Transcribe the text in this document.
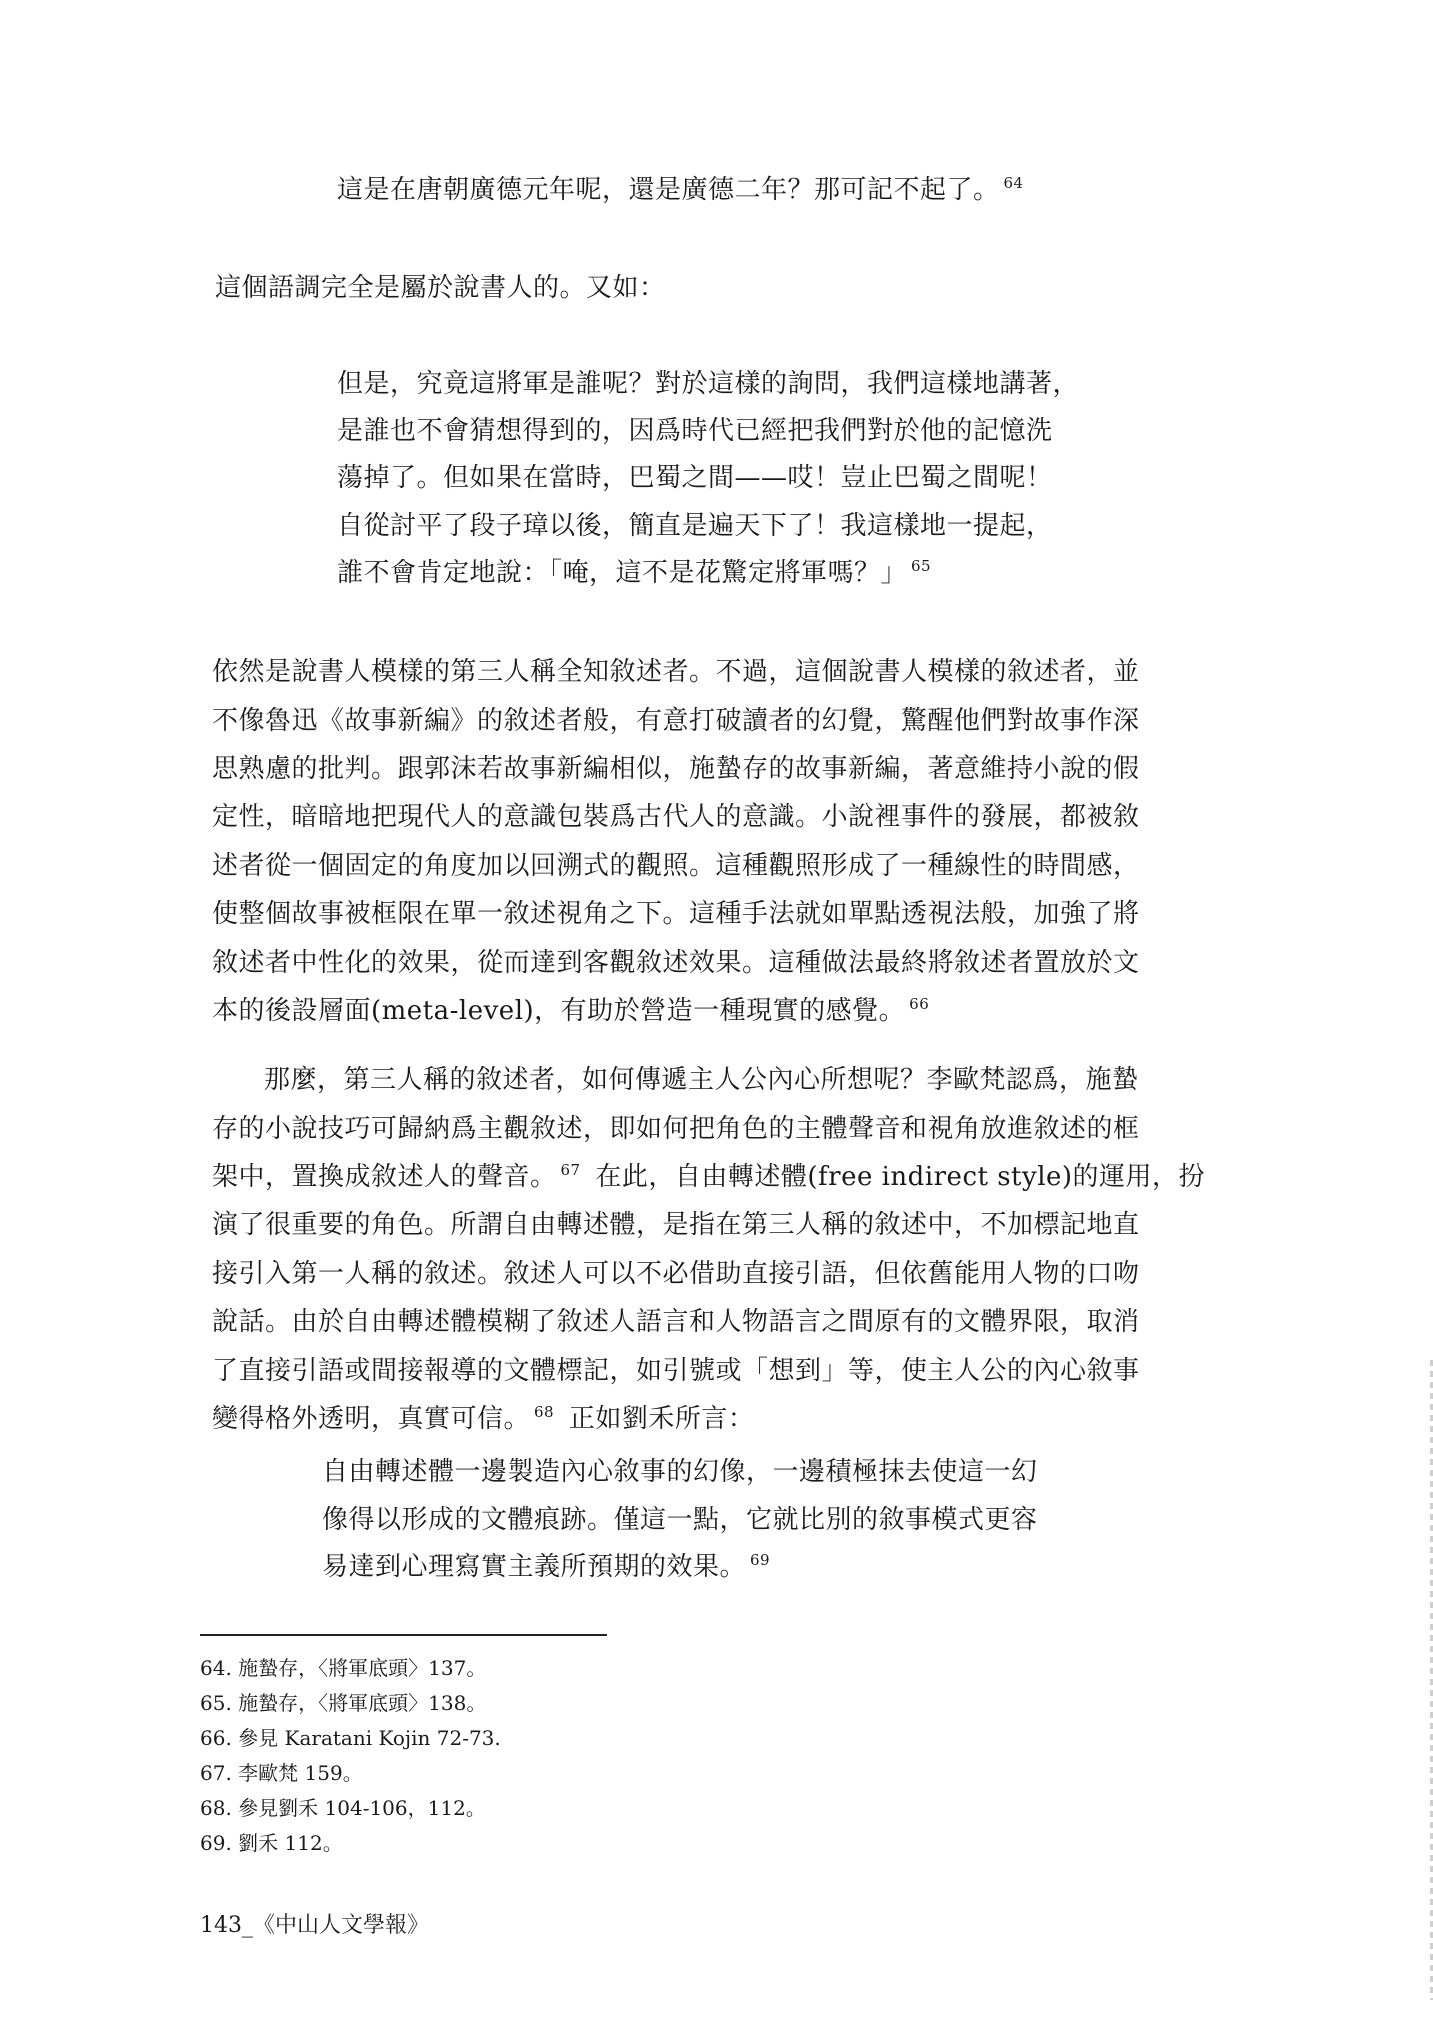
這是在唐朝廣德元年呢，還是廣德二年？那可記不起了。 $^{64}$
這個語調完全是屬於說書人的。又如：
但是，究竟這將軍是誰呢？對於這樣的詢問，我們這樣地講著，
是誰也不會猜想得到的，因爲時代已經把我們對於他的記憶洗
蕩掉了。但如果在當時，巴蜀之間——哎！豈止巴蜀之間呢！
自從討平了段子璋以後，簡直是遍天下了！我這樣地一提起，
誰不會肯定地說：「唵，這不是花驚定將軍嗎？」 $^{65}$
依然是說書人模樣的第三人稱全知敘述者。不過，這個說書人模樣的敘述者，並
不像魯迅《故事新編》的敘述者般，有意打破讀者的幻覺，驚醒他們對故事作深
思熟慮的批判。跟郭沫若故事新編相似，施蟄存的故事新編，著意維持小說的假
定性，暗暗地把現代人的意識包裝爲古代人的意識。小說裡事件的發展，都被敘
述者從一個固定的角度加以回溯式的觀照。這種觀照形成了一種線性的時間感，
使整個故事被框限在單一敘述視角之下。這種手法就如單點透視法般，加強了將
敘述者中性化的效果，從而達到客觀敘述效果。這種做法最終將敘述者置放於文
本的後設層面(meta-level)，有助於營造一種現實的感覺。 $^{66}$
那麼，第三人稱的敘述者，如何傳遞主人公內心所想呢？李歐梵認爲，施蟄
存的小說技巧可歸納爲主觀敘述，即如何把角色的主體聲音和視角放進敘述的框
架中，置換成敘述人的聲音。 $^{67}$ 在此，自由轉述體(free indirect style)的運用，扮
演了很重要的角色。所謂自由轉述體，是指在第三人稱的敘述中，不加標記地直
接引入第一人稱的敘述。敘述人可以不必借助直接引語，但依舊能用人物的口吻
說話。由於自由轉述體模糊了敘述人語言和人物語言之間原有的文體界限，取消
了直接引語或間接報導的文體標記，如引號或「想到」等，使主人公的內心敘事
變得格外透明，真實可信。 $^{68}$ 正如劉禾所言：
自由轉述體一邊製造內心敘事的幻像，一邊積極抹去使這一幻
像得以形成的文體痕跡。僅這一點，它就比別的敘事模式更容
易達到心理寫實主義所預期的效果。 $^{69}$
64. 施蟄存，〈將軍底頭〉137。
65. 施蟄存，〈將軍底頭〉138。
66. 參見 Karatani Kojin 72-73.
67. 李歐梵 159。
68. 參見劉禾 104-106，112。
69. 劉禾 112。
143_《中山人文學報》
